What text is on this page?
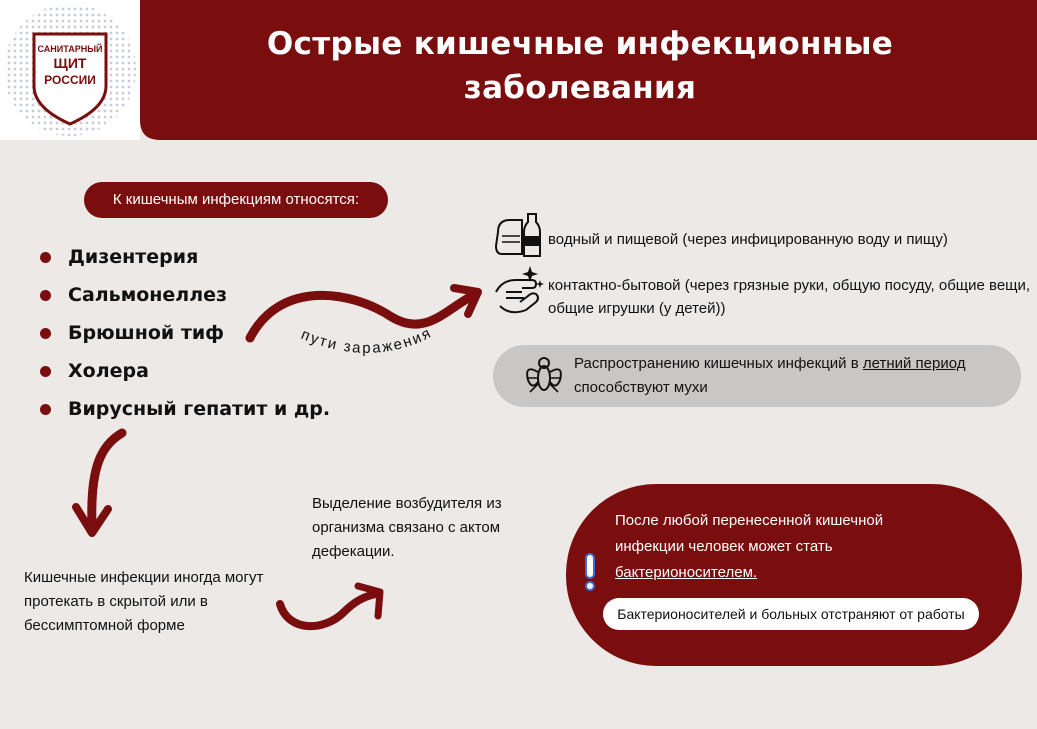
САНИТАРНЫЙ
ЩИТ
РОССИИ
Острые кишечные инфекционные
заболевания
К кишечным инфекциям относятся:
Дизентерия
Сальмонеллез
Брюшной тиф
Холера
Вирусный гепатит и др.
пути заражения
водный и пищевой (через инфицированную воду и пищу)
контактно-бытовой (через грязные руки, общую посуду, общие вещи,
общие игрушки (у детей))
Распространению кишечных инфекций в летний период
способствуют мухи
Кишечные инфекции иногда могут
протекать в скрытой или в
бессимптомной форме
Выделение возбудителя из
организма связано с актом
дефекации.
После любой перенесенной кишечной
инфекции человек может стать
бактерионосителем.
Бактерионосителей и больных отстраняют от работы
